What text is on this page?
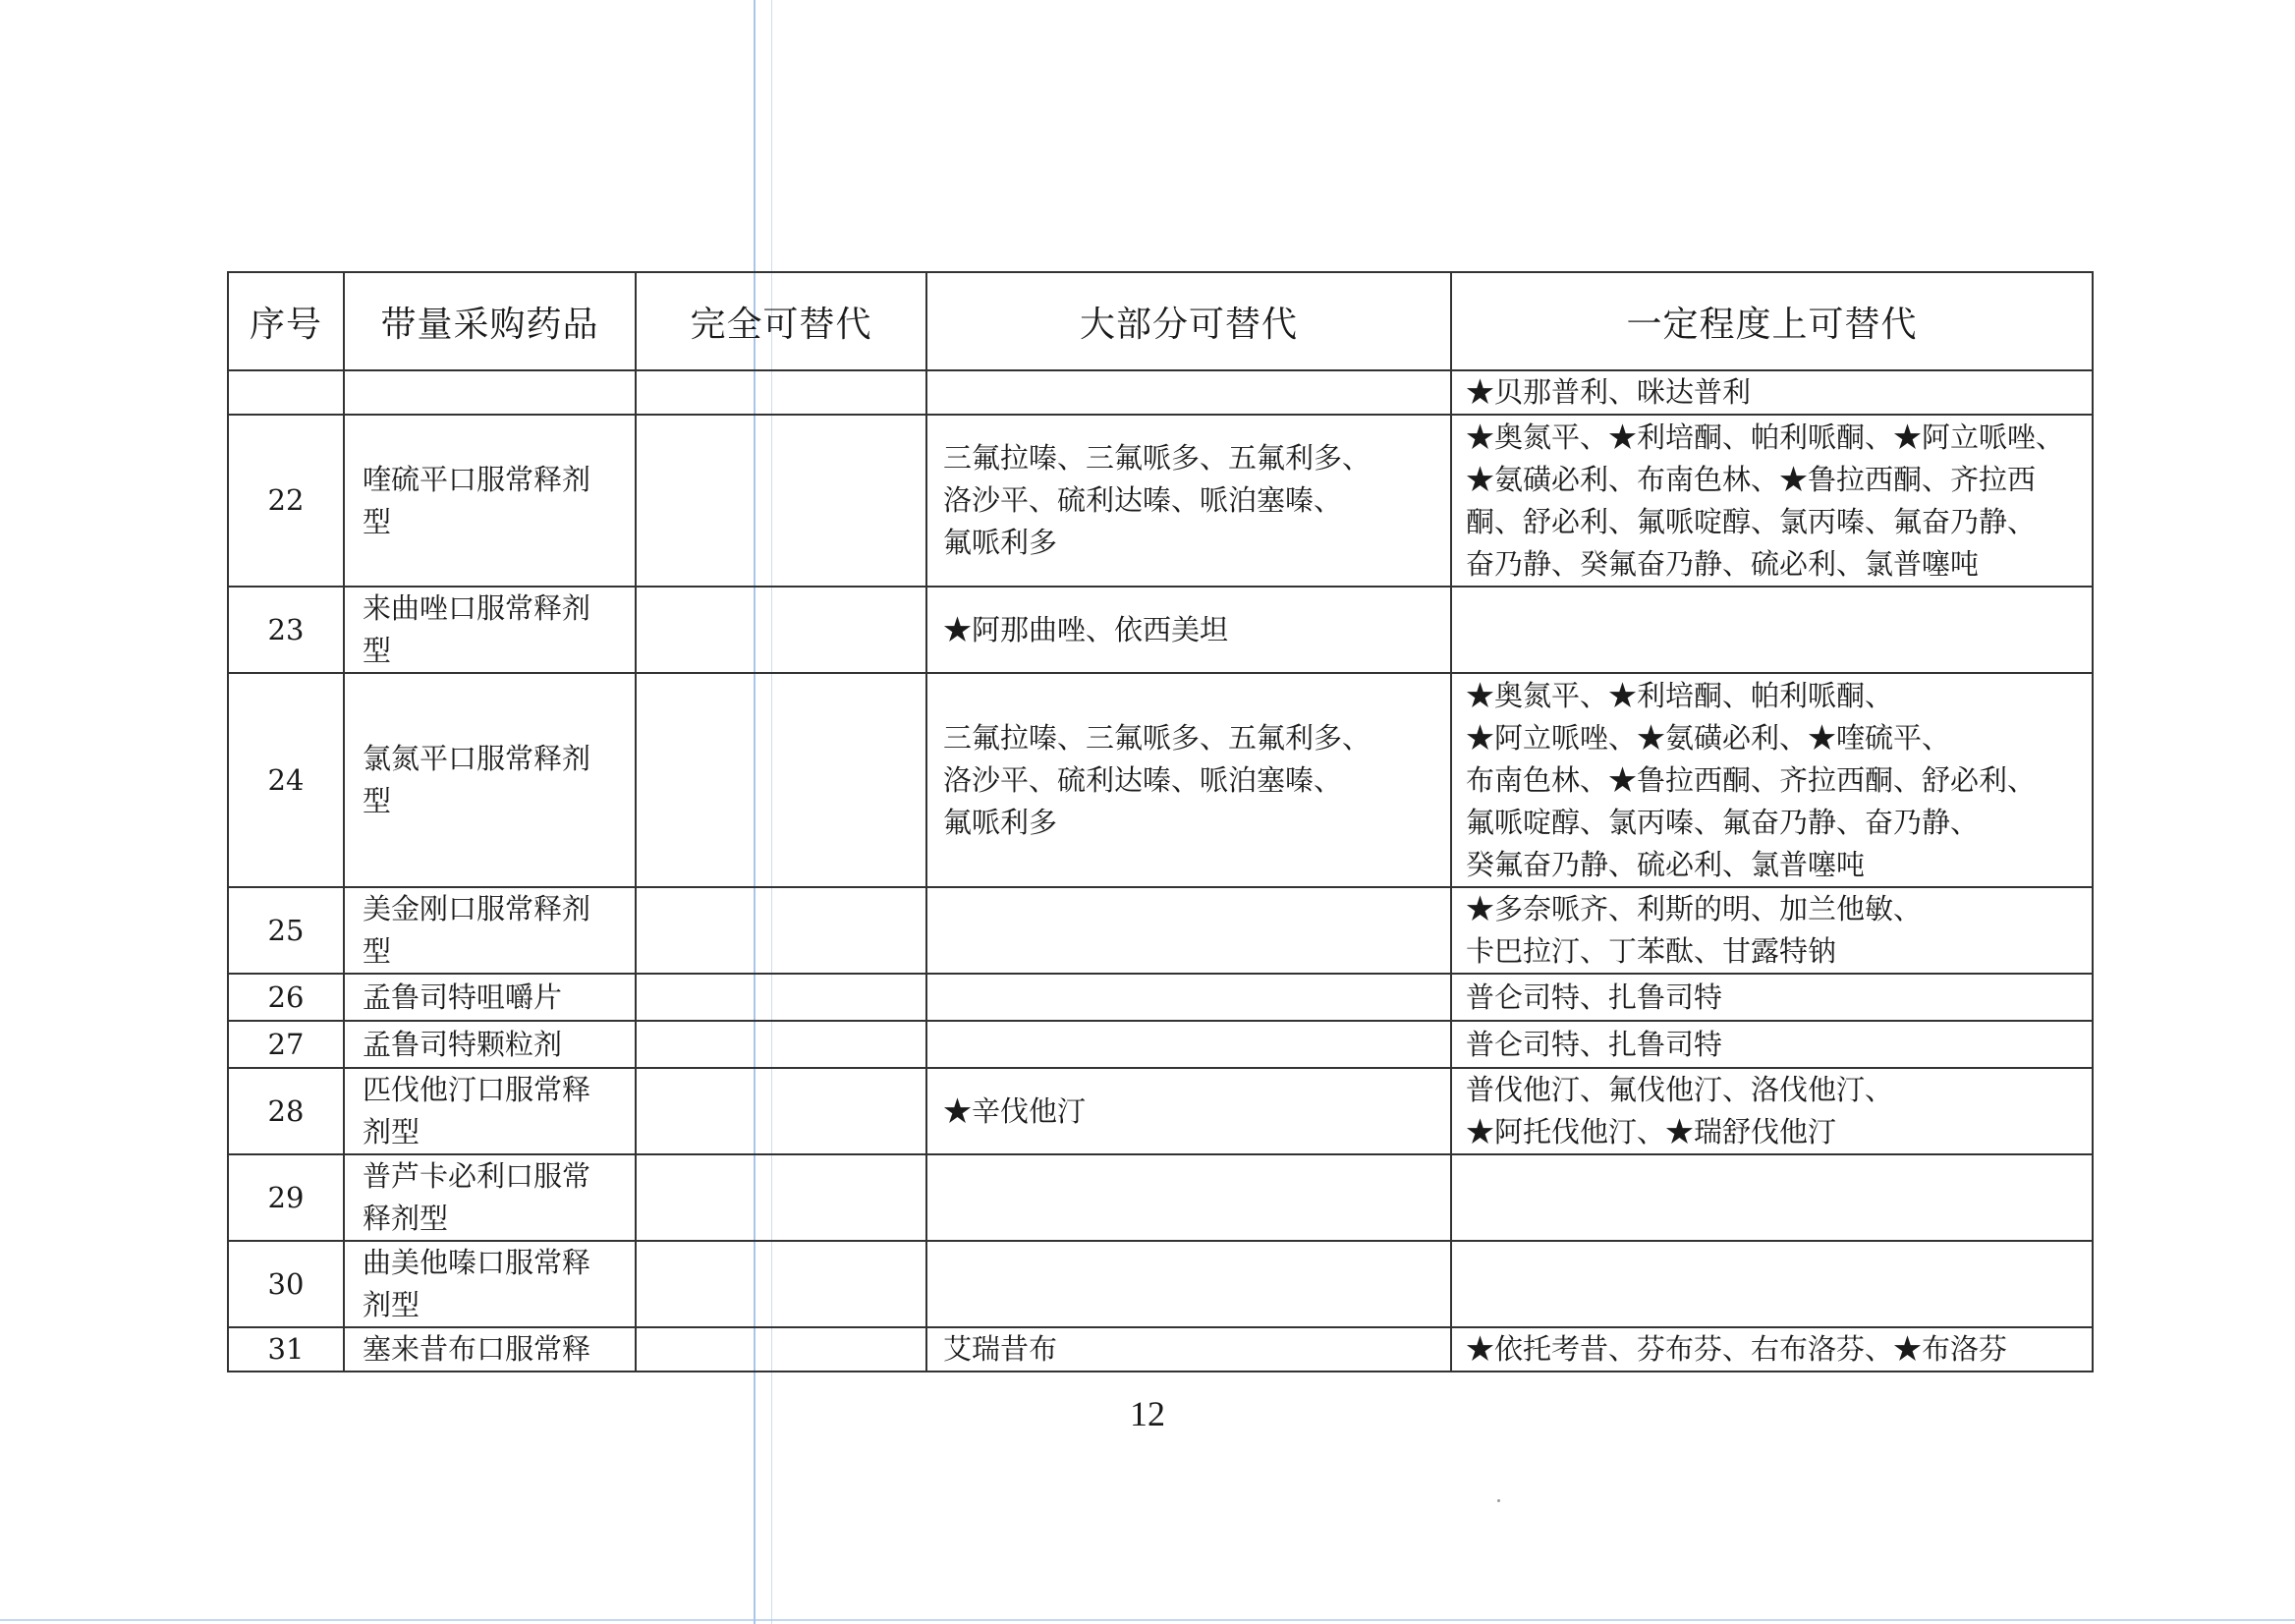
序号	带量采购药品	完全可替代	大部分可替代	一定程度上可替代

				★贝那普利、咪达普利

22	喹硫平口服常释剂
型		三氟拉嗪、三氟哌多、五氟利多、
洛沙平、硫利达嗪、哌泊塞嗪、
氟哌利多	★奥氮平、★利培酮、帕利哌酮、★阿立哌唑、
★氨磺必利、布南色林、★鲁拉西酮、齐拉西
酮、舒必利、氟哌啶醇、氯丙嗪、氟奋乃静、
奋乃静、癸氟奋乃静、硫必利、氯普噻吨

23	来曲唑口服常释剂
型		★阿那曲唑、依西美坦	

24	氯氮平口服常释剂
型		三氟拉嗪、三氟哌多、五氟利多、
洛沙平、硫利达嗪、哌泊塞嗪、
氟哌利多	★奥氮平、★利培酮、帕利哌酮、
★阿立哌唑、★氨磺必利、★喹硫平、
布南色林、★鲁拉西酮、齐拉西酮、舒必利、
氟哌啶醇、氯丙嗪、氟奋乃静、奋乃静、
癸氟奋乃静、硫必利、氯普噻吨

25	美金刚口服常释剂
型			★多奈哌齐、利斯的明、加兰他敏、
卡巴拉汀、丁苯酞、甘露特钠

26	孟鲁司特咀嚼片			普仑司特、扎鲁司特

27	孟鲁司特颗粒剂			普仑司特、扎鲁司特

28	匹伐他汀口服常释
剂型		★辛伐他汀	普伐他汀、氟伐他汀、洛伐他汀、
★阿托伐他汀、★瑞舒伐他汀

29	普芦卡必利口服常
释剂型			

30	曲美他嗪口服常释
剂型			

31	塞来昔布口服常释		艾瑞昔布	★依托考昔、芬布芬、右布洛芬、★布洛芬
12
